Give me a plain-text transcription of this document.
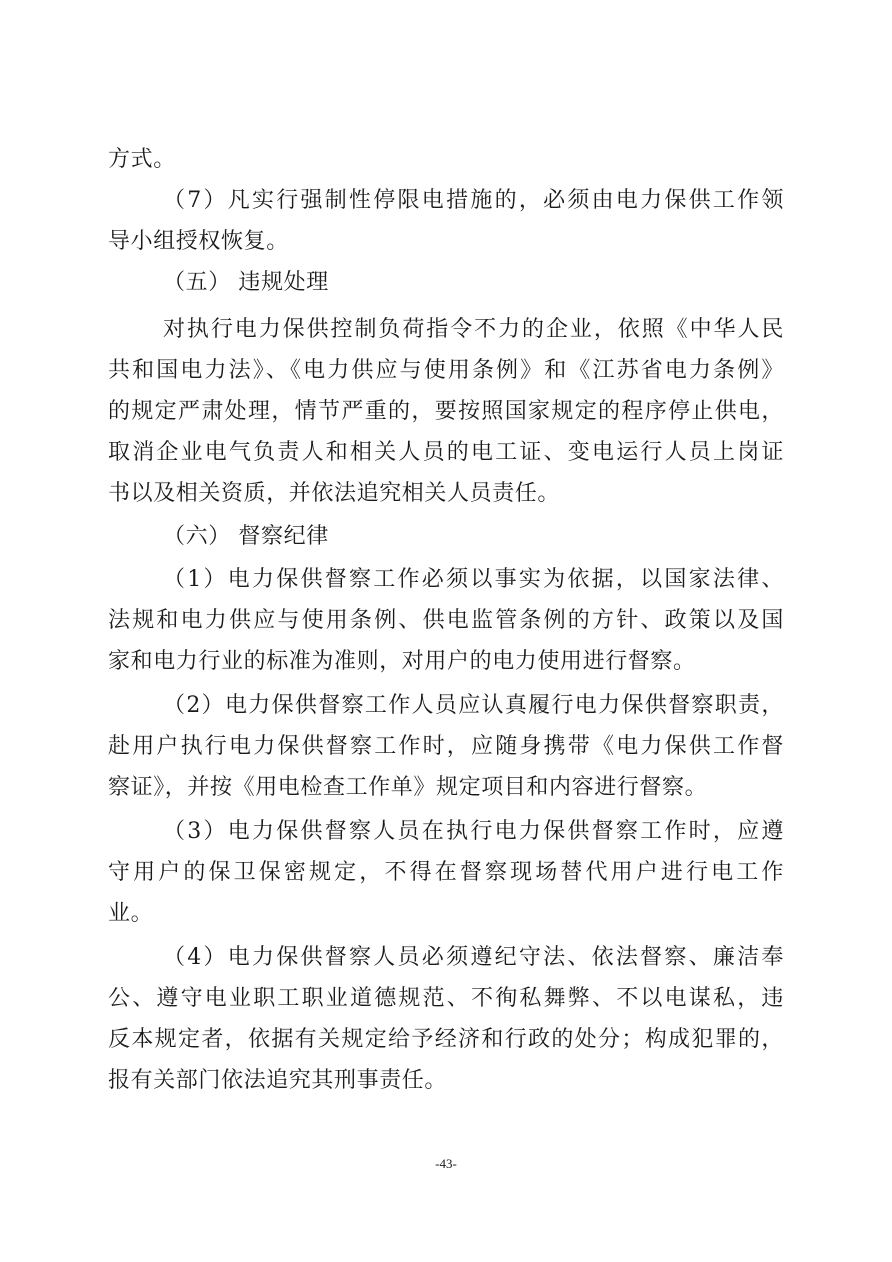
方式。
（7）凡实行强制性停限电措施的，必须由电力保供工作领
导小组授权恢复。
（五） 违规处理
对执行电力保供控制负荷指令不力的企业，依照《中华人民
共和国电力法》、《电力供应与使用条例》和《江苏省电力条例》
的规定严肃处理，情节严重的，要按照国家规定的程序停止供电，
取消企业电气负责人和相关人员的电工证、变电运行人员上岗证
书以及相关资质，并依法追究相关人员责任。
（六） 督察纪律
（1）电力保供督察工作必须以事实为依据，以国家法律、
法规和电力供应与使用条例、供电监管条例的方针、政策以及国
家和电力行业的标准为准则，对用户的电力使用进行督察。
（2）电力保供督察工作人员应认真履行电力保供督察职责，
赴用户执行电力保供督察工作时，应随身携带《电力保供工作督
察证》，并按《用电检查工作单》规定项目和内容进行督察。
（3）电力保供督察人员在执行电力保供督察工作时，应遵
守用户的保卫保密规定，不得在督察现场替代用户进行电工作
业。
（4）电力保供督察人员必须遵纪守法、依法督察、廉洁奉
公、遵守电业职工职业道德规范、不徇私舞弊、不以电谋私，违
反本规定者，依据有关规定给予经济和行政的处分；构成犯罪的，
报有关部门依法追究其刑事责任。
-43-
